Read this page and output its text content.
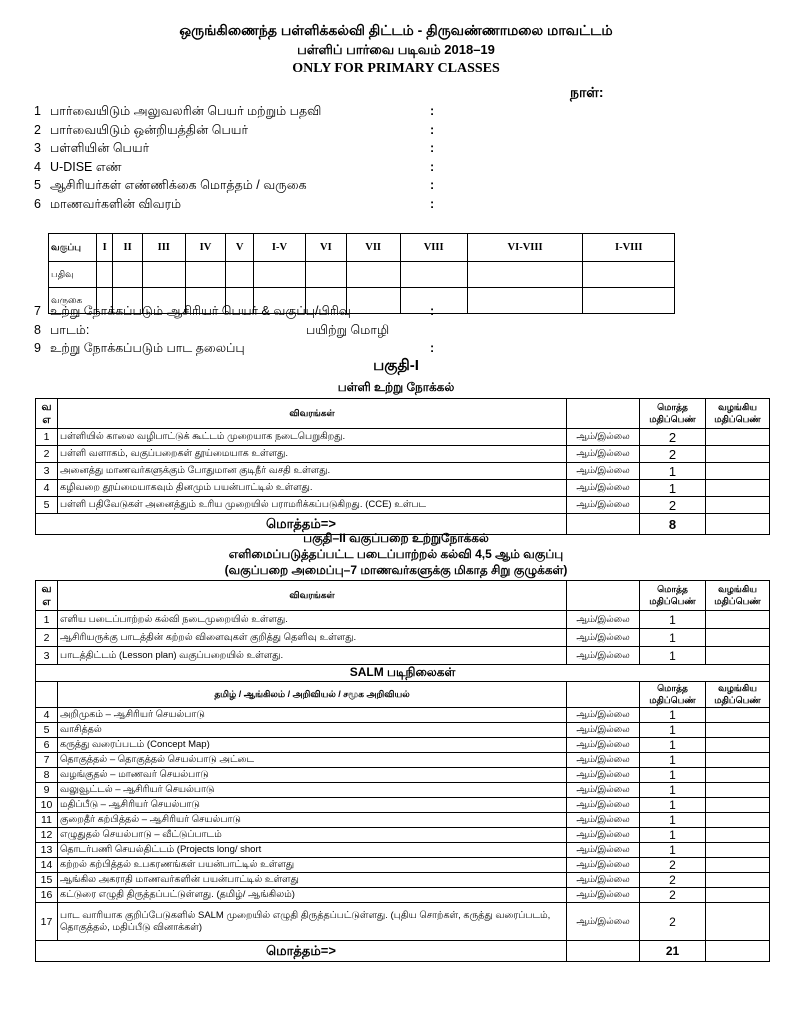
ஒருங்கிணைந்த பள்ளிக்கல்வி திட்டம் - திருவண்ணாமலை மாவட்டம்
பள்ளிப் பார்வை படிவம் 2018–19
ONLY FOR PRIMARY CLASSES
நாள்:
1 பார்வையிடும் அலுவலரின் பெயர் மற்றும் பதவி	:
2 பார்வையிடும் ஒன்றியத்தின் பெயர்	:
3 பள்ளியின் பெயர்	:
4 U-DISE எண்	:
5 ஆசிரியர்கள் எண்ணிக்கை மொத்தம் / வருகை	:
6 மாணவர்களின் விவரம்	:
வகுப்பு	I	II	III	IV	V	I-V	VI	VII	VIII	VI-VIII	I-VIII
பதிவு											
வருகை											
7 உற்று நோக்கப்படும் ஆசிரியர் பெயர் & வகுப்பு/பிரிவு	:
8 பாடம்:	பயிற்று மொழி
9 உற்று நோக்கப்படும் பாட தலைப்பு	:
பகுதி-I
பள்ளி உற்று நோக்கல்
வ எ	விவரங்கள்		மொத்த மதிப்பெண்	வழங்கிய மதிப்பெண்
1	பள்ளியில் காலை வழிபாட்டுக் கூட்டம் முறையாக நடைபெறுகிறது.	ஆம்/இல்லை	2	
2	பள்ளி வளாகம், வகுப்பறைகள் தூய்மையாக உள்ளது.	ஆம்/இல்லை	2	
3	அனைத்து மாணவர்களுக்கும் போதுமான குடிநீர் வசதி உள்ளது.	ஆம்/இல்லை	1	
4	கழிவறை தூய்மையாகவும் தினமும் பயன்பாட்டில் உள்ளது.	ஆம்/இல்லை	1	
5	பள்ளி பதிவேடுகள் அனைத்தும் உரிய முறையில் பராமரிக்கப்படுகிறது. (CCE) உள்பட	ஆம்/இல்லை	2	
மொத்தம்=>			8	
பகுதி–II வகுப்பறை உற்றுநோக்கல்
எளிமைப்படுத்தப்பட்ட படைப்பாற்றல் கல்வி 4,5 ஆம் வகுப்பு
(வகுப்பறை அமைப்பு–7 மாணவர்களுக்கு மிகாத சிறு குழுக்கள்)
வ எ	விவரங்கள்		மொத்த மதிப்பெண்	வழங்கிய மதிப்பெண்
1	எளிய படைப்பாற்றல் கல்வி நடைமுறையில் உள்ளது.	ஆம்/இல்லை	1	
2	ஆசிரியருக்கு பாடத்தின் கற்றல் விளைவுகள் குறித்து தெளிவு உள்ளது.	ஆம்/இல்லை	1	
3	பாடத்திட்டம் (Lesson plan) வகுப்பறையில் உள்ளது.	ஆம்/இல்லை	1	
SALM படிநிலைகள்				
	தமிழ் / ஆங்கிலம் / அறிவியல் / சமூக அறிவியல்		மொத்த மதிப்பெண்	வழங்கிய மதிப்பெண்
4	அறிமுகம் – ஆசிரியர் செயல்பாடு	ஆம்/இல்லை	1	
5	வாசித்தல்	ஆம்/இல்லை	1	
6	கருத்து வரைப்படம் (Concept Map)	ஆம்/இல்லை	1	
7	தொகுத்தல் – தொகுத்தல் செயல்பாடு அட்டை	ஆம்/இல்லை	1	
8	வழங்குதல் – மாணவர் செயல்பாடு	ஆம்/இல்லை	1	
9	வலுவூட்டல் – ஆசிரியர் செயல்பாடு	ஆம்/இல்லை	1	
10	மதிப்பீடு – ஆசிரியர் செயல்பாடு	ஆம்/இல்லை	1	
11	குறைதீர் கற்பித்தல் – ஆசிரியர் செயல்பாடு	ஆம்/இல்லை	1	
12	எழுதுதல் செயல்பாடு – வீட்டுப்பாடம்	ஆம்/இல்லை	1	
13	தொடர்பணி செயல்திட்டம் (Projects long/ short	ஆம்/இல்லை	1	
14	கற்றல் கற்பித்தல் உபகரணங்கள் பயன்பாட்டில் உள்ளது	ஆம்/இல்லை	2	
15	ஆங்கில அகராதி மாணவர்களின் பயன்பாட்டில் உள்ளது	ஆம்/இல்லை	2	
16	கட்டுரை எழுதி திருத்தப்பட்டுள்ளது. (தமிழ்/ ஆங்கிலம்)	ஆம்/இல்லை	2	
17	பாட வாரியாக குறிப்பேடுகளில் SALM முறையில் எழுதி திருத்தப்பட்டுள்ளது. (புதிய சொற்கள், கருத்து வரைப்படம், தொகுத்தல், மதிப்பீடு வினாக்கள்)	ஆம்/இல்லை	2	
மொத்தம்=>			21	
